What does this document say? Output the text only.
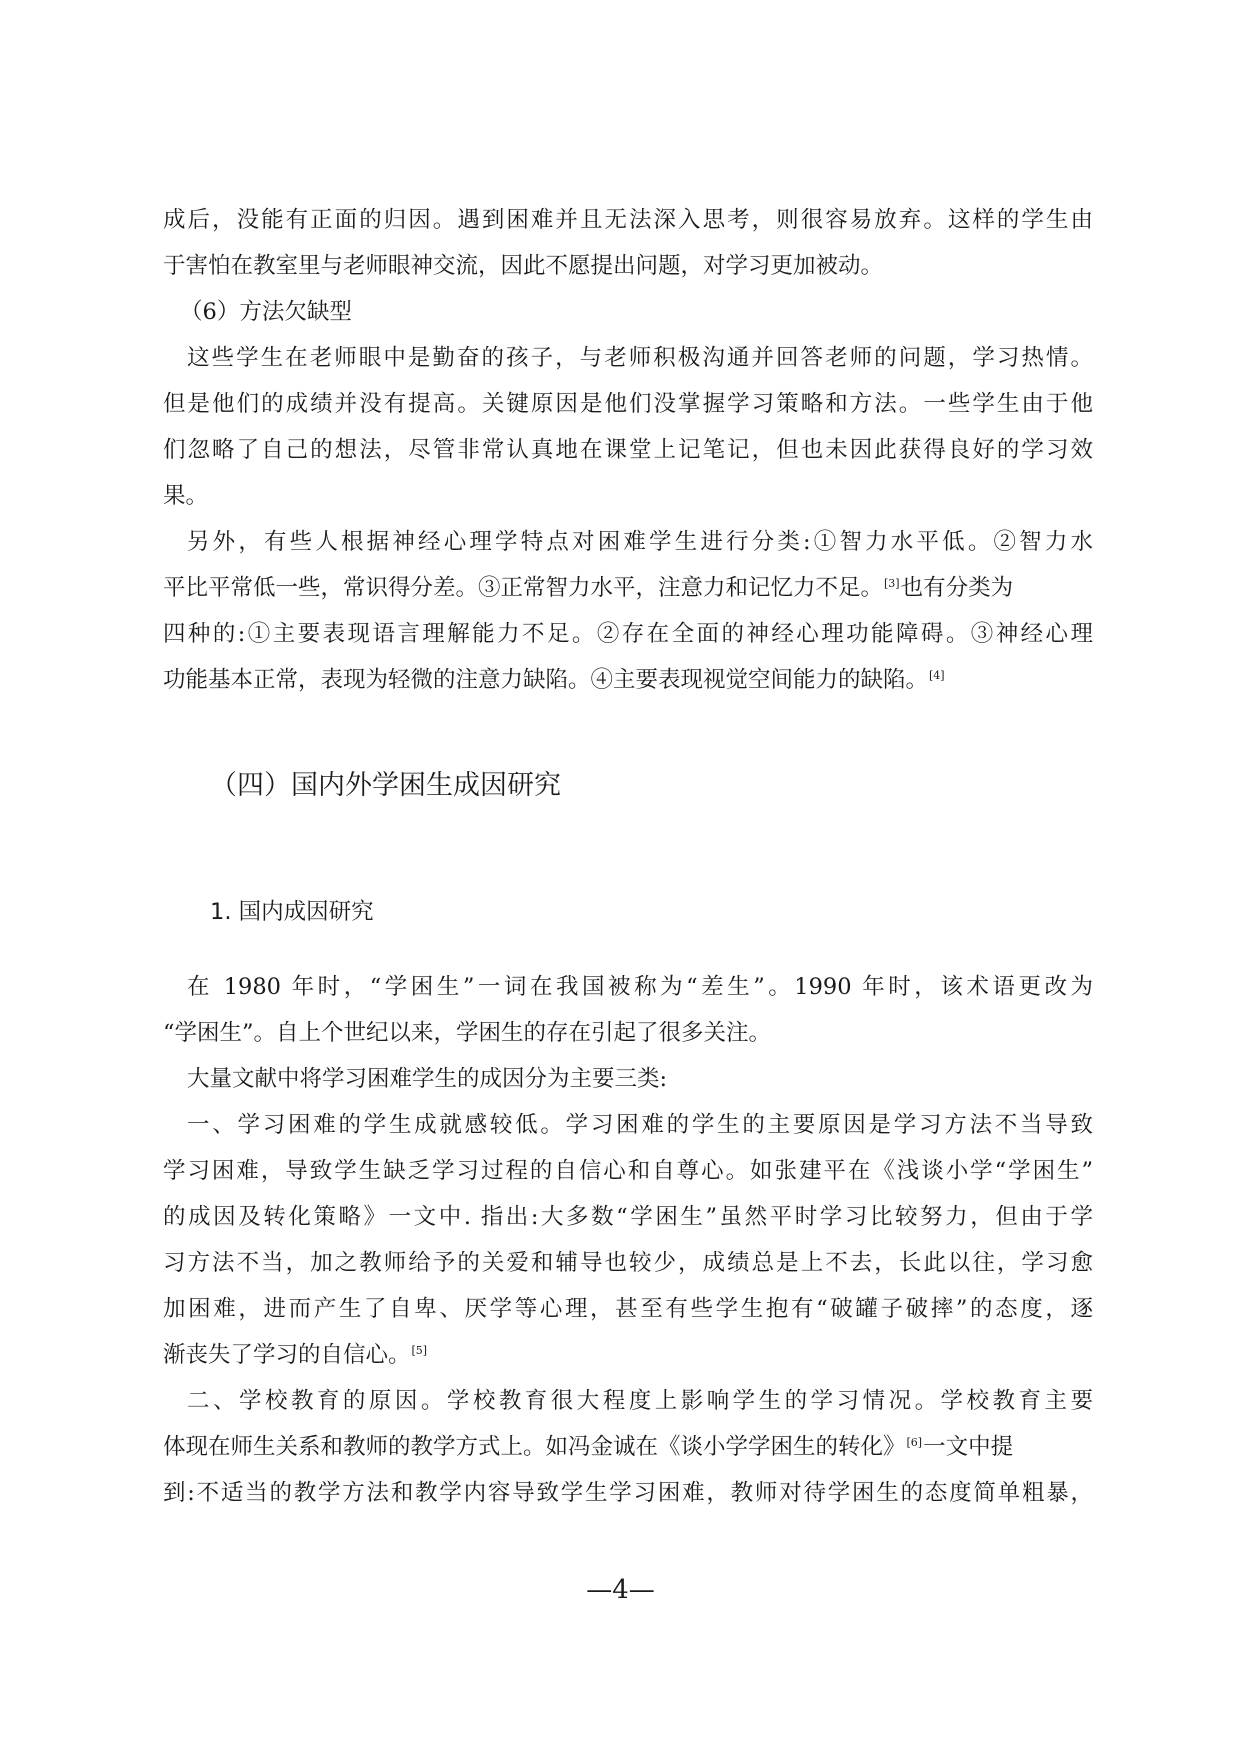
成后，没能有正面的归因。遇到困难并且无法深入思考，则很容易放弃。这样的学生由
于害怕在教室里与老师眼神交流，因此不愿提出问题，对学习更加被动。
（6）方法欠缺型
这些学生在老师眼中是勤奋的孩子，与老师积极沟通并回答老师的问题，学习热情。
但是他们的成绩并没有提高。关键原因是他们没掌握学习策略和方法。一些学生由于他
们忽略了自己的想法，尽管非常认真地在课堂上记笔记，但也未因此获得良好的学习效
果。
另外，有些人根据神经心理学特点对困难学生进行分类:①智力水平低。②智力水
平比平常低一些，常识得分差。③正常智力水平，注意力和记忆力不足。[3]也有分类为
四种的:①主要表现语言理解能力不足。②存在全面的神经心理功能障碍。③神经心理
功能基本正常，表现为轻微的注意力缺陷。④主要表现视觉空间能力的缺陷。[4]
（四）国内外学困生成因研究
1. 国内成因研究
在 1980 年时，“学困生”一词在我国被称为“差生”。1990 年时，该术语更改为
“学困生”。自上个世纪以来，学困生的存在引起了很多关注。
大量文献中将学习困难学生的成因分为主要三类:
一、学习困难的学生成就感较低。学习困难的学生的主要原因是学习方法不当导致
学习困难，导致学生缺乏学习过程的自信心和自尊心。如张建平在《浅谈小学“学困生”
的成因及转化策略》一文中. 指出:大多数“学困生”虽然平时学习比较努力，但由于学
习方法不当，加之教师给予的关爱和辅导也较少，成绩总是上不去，长此以往，学习愈
加困难，进而产生了自卑、厌学等心理，甚至有些学生抱有“破罐子破摔”的态度，逐
渐丧失了学习的自信心。[5]
二、学校教育的原因。学校教育很大程度上影响学生的学习情况。学校教育主要
体现在师生关系和教师的教学方式上。如冯金诚在《谈小学学困生的转化》[6]一文中提
到:不适当的教学方法和教学内容导致学生学习困难，教师对待学困生的态度简单粗暴，
—4—
